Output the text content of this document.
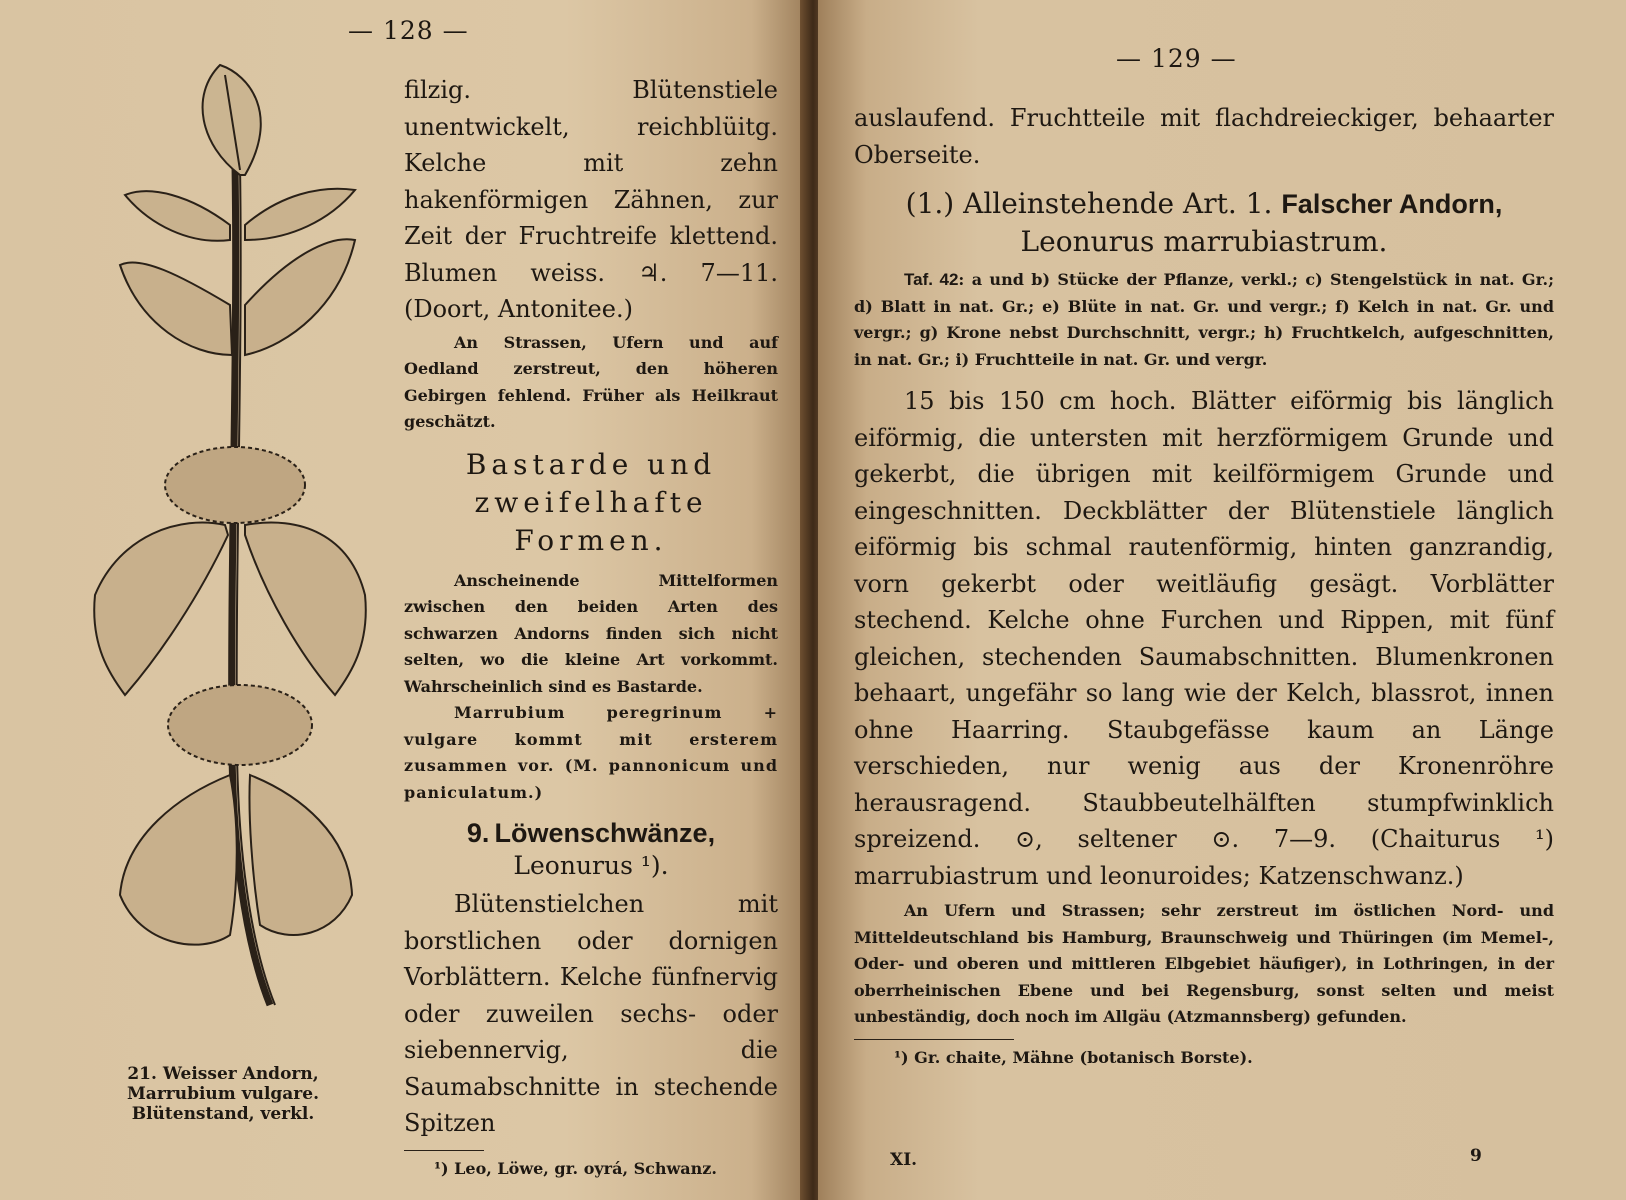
— 128 —
21. Weisser Andorn, Marrubium vulgare. Blütenstand, verkl.

filzig. Blütenstiele unentwickelt, reichblüitg. Kelche mit zehn hakenförmigen Zähnen, zur Zeit der Fruchtreife klettend. Blumen weiss. ♃. 7—11. (Doort, Antonitee.)

An Strassen, Ufern und auf Oedland zerstreut, den höheren Gebirgen fehlend. Früher als Heilkraut geschätzt.

Bastarde und zweifelhafte Formen.

Anscheinende Mittelformen zwischen den beiden Arten des schwarzen Andorns finden sich nicht selten, wo die kleine Art vorkommt. Wahrscheinlich sind es Bastarde.

Marrubium peregrinum + vulgare kommt mit ersterem zusammen vor. (M. pannonicum und paniculatum.)

9. Löwenschwänze,
Leonurus ¹).

Blütenstielchen mit borstlichen oder dornigen Vorblättern. Kelche fünfnervig oder zuweilen sechs- oder siebennervig, die Saumabschnitte in stechende Spitzen

¹) Leo, Löwe, gr. oyrá, Schwanz.

— 129 —

auslaufend. Fruchtteile mit flachdreieckiger, behaarter Oberseite.

(1.) Alleinstehende Art. 1. Falscher Andorn,
Leonurus marrubiastrum.

Taf. 42: a und b) Stücke der Pflanze, verkl.; c) Stengelstück in nat. Gr.; d) Blatt in nat. Gr.; e) Blüte in nat. Gr. und vergr.; f) Kelch in nat. Gr. und vergr.; g) Krone nebst Durchschnitt, vergr.; h) Fruchtkelch, aufgeschnitten, in nat. Gr.; i) Fruchtteile in nat. Gr. und vergr.

15 bis 150 cm hoch. Blätter eiförmig bis länglich eiförmig, die untersten mit herzförmigem Grunde und gekerbt, die übrigen mit keilförmigem Grunde und eingeschnitten. Deckblätter der Blütenstiele länglich eiförmig bis schmal rautenförmig, hinten ganzrandig, vorn gekerbt oder weitläufig gesägt. Vorblätter stechend. Kelche ohne Furchen und Rippen, mit fünf gleichen, stechenden Saumabschnitten. Blumenkronen behaart, ungefähr so lang wie der Kelch, blassrot, innen ohne Haarring. Staubgefässe kaum an Länge verschieden, nur wenig aus der Kronenröhre herausragend. Staubbeutelhälften stumpfwinklich spreizend. ⊙, seltener ⊙. 7—9. (Chaiturus ¹) marrubiastrum und leonuroides; Katzenschwanz.)

An Ufern und Strassen; sehr zerstreut im östlichen Nord- und Mitteldeutschland bis Hamburg, Braunschweig und Thüringen (im Memel-, Oder- und oberen und mittleren Elbgebiet häufiger), in Lothringen, in der oberrheinischen Ebene und bei Regensburg, sonst selten und meist unbeständig, doch noch im Allgäu (Atzmannsberg) gefunden.

¹) Gr. chaite, Mähne (botanisch Borste).

XI.	9
